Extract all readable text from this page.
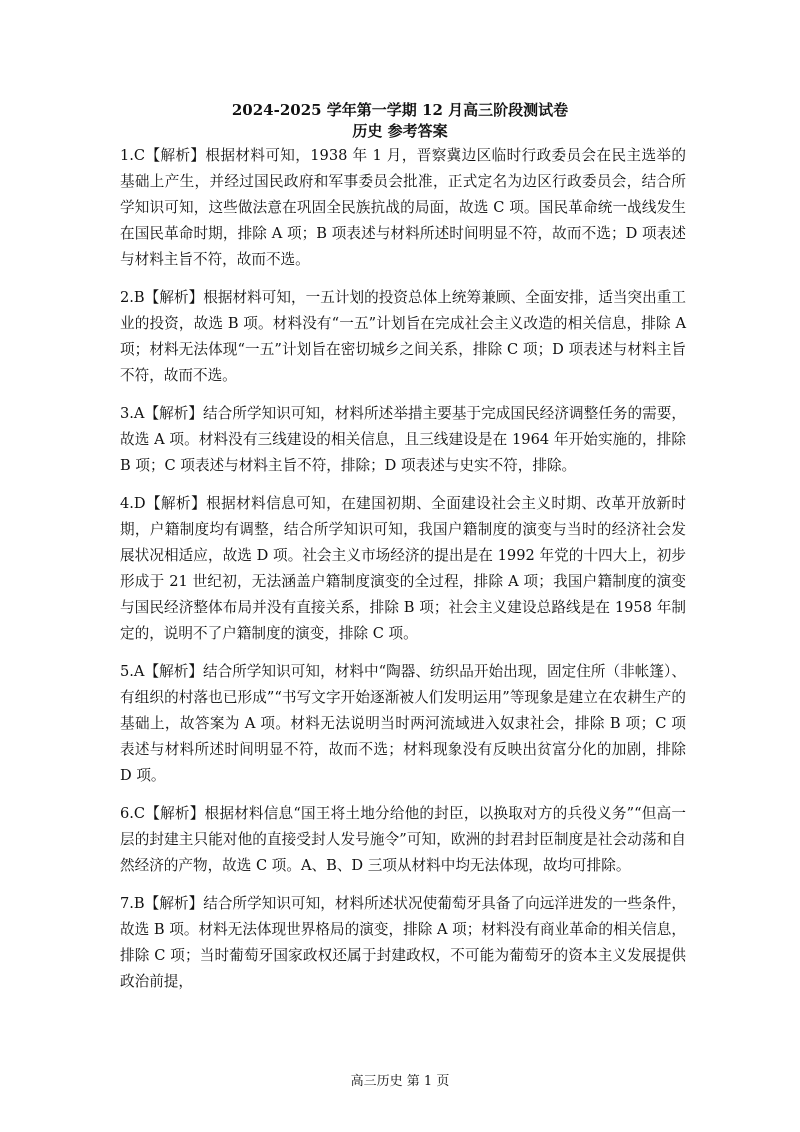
2024-2025 学年第一学期 12 月高三阶段测试卷
历史 参考答案

1.C【解析】根据材料可知，1938 年 1 月，晋察冀边区临时行政委员会在民主选举的基础上产生，并经过国民政府和军事委员会批准，正式定名为边区行政委员会，结合所学知识可知，这些做法意在巩固全民族抗战的局面，故选 C 项。国民革命统一战线发生在国民革命时期，排除 A 项；B 项表述与材料所述时间明显不符，故而不选；D 项表述与材料主旨不符，故而不选。

2.B【解析】根据材料可知，一五计划的投资总体上统筹兼顾、全面安排，适当突出重工业的投资，故选 B 项。材料没有“一五”计划旨在完成社会主义改造的相关信息，排除 A 项；材料无法体现“一五”计划旨在密切城乡之间关系，排除 C 项；D 项表述与材料主旨不符，故而不选。

3.A【解析】结合所学知识可知，材料所述举措主要基于完成国民经济调整任务的需要，故选 A 项。材料没有三线建设的相关信息，且三线建设是在 1964 年开始实施的，排除 B 项；C 项表述与材料主旨不符，排除；D 项表述与史实不符，排除。

4.D【解析】根据材料信息可知，在建国初期、全面建设社会主义时期、改革开放新时期，户籍制度均有调整，结合所学知识可知，我国户籍制度的演变与当时的经济社会发展状况相适应，故选 D 项。社会主义市场经济的提出是在 1992 年党的十四大上，初步形成于 21 世纪初，无法涵盖户籍制度演变的全过程，排除 A 项；我国户籍制度的演变与国民经济整体布局并没有直接关系，排除 B 项；社会主义建设总路线是在 1958 年制定的，说明不了户籍制度的演变，排除 C 项。

5.A【解析】结合所学知识可知，材料中“陶器、纺织品开始出现，固定住所（非帐篷）、有组织的村落也已形成”“书写文字开始逐渐被人们发明运用”等现象是建立在农耕生产的基础上，故答案为 A 项。材料无法说明当时两河流域进入奴隶社会，排除 B 项；C 项表述与材料所述时间明显不符，故而不选；材料现象没有反映出贫富分化的加剧，排除 D 项。

6.C【解析】根据材料信息“国王将土地分给他的封臣，以换取对方的兵役义务”“但高一层的封建主只能对他的直接受封人发号施令”可知，欧洲的封君封臣制度是社会动荡和自然经济的产物，故选 C 项。A、B、D 三项从材料中均无法体现，故均可排除。

7.B【解析】结合所学知识可知，材料所述状况使葡萄牙具备了向远洋进发的一些条件，故选 B 项。材料无法体现世界格局的演变，排除 A 项；材料没有商业革命的相关信息，排除 C 项；当时葡萄牙国家政权还属于封建政权，不可能为葡萄牙的资本主义发展提供政治前提，

高三历史 第 1 页
